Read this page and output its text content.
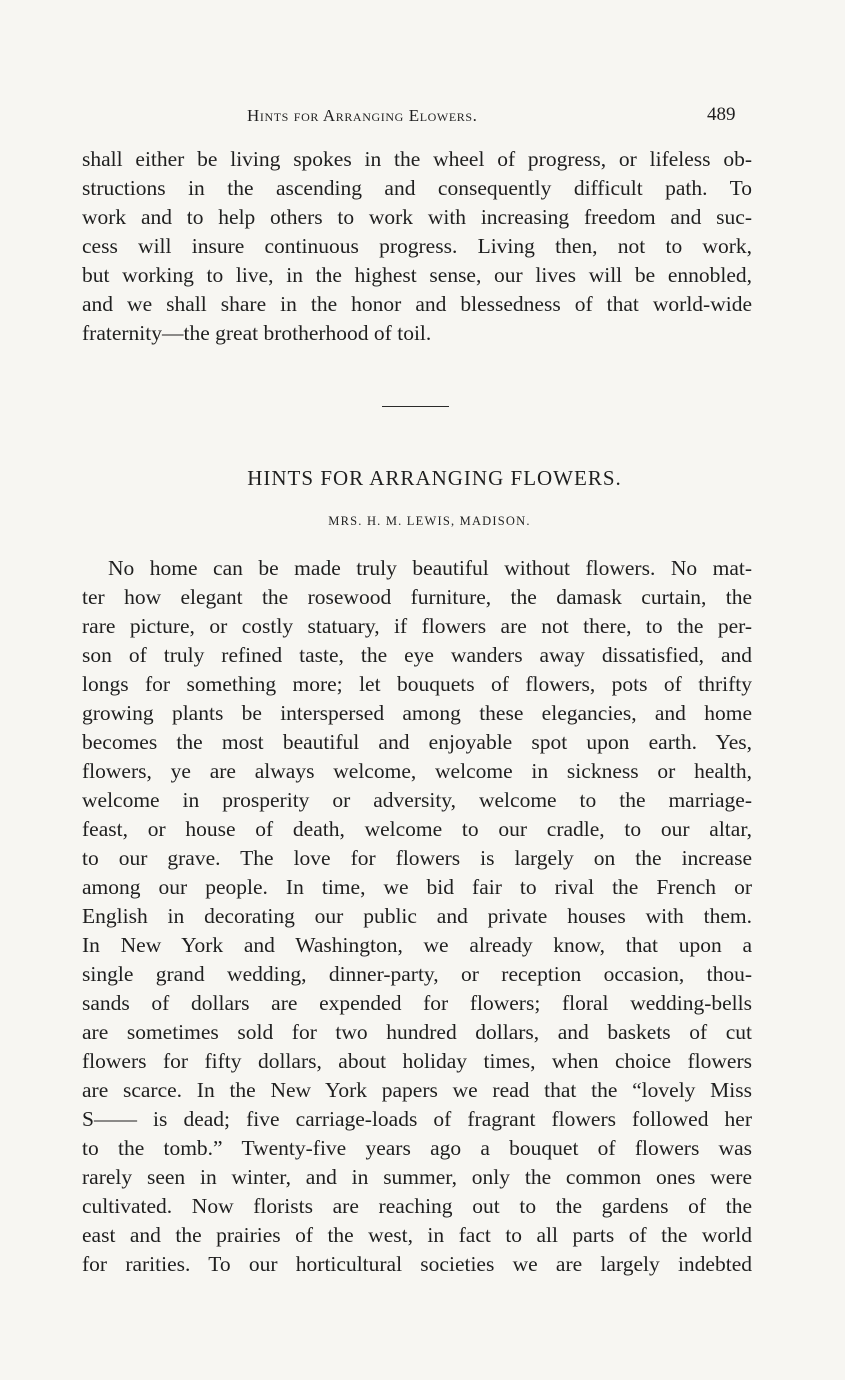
Hints for Arranging Elowers.	489
shall either be living spokes in the wheel of progress, or lifeless ob-
structions in the ascending and consequently difficult path. To
work and to help others to work with increasing freedom and suc-
cess will insure continuous progress. Living then, not to work,
but working to live, in the highest sense, our lives will be ennobled,
and we shall share in the honor and blessedness of that world-wide
fraternity—the great brotherhood of toil.
HINTS FOR ARRANGING FLOWERS.
MRS. H. M. LEWIS, MADISON.
No home can be made truly beautiful without flowers. No mat-
ter how elegant the rosewood furniture, the damask curtain, the
rare picture, or costly statuary, if flowers are not there, to the per-
son of truly refined taste, the eye wanders away dissatisfied, and
longs for something more; let bouquets of flowers, pots of thrifty
growing plants be interspersed among these elegancies, and home
becomes the most beautiful and enjoyable spot upon earth. Yes,
flowers, ye are always welcome, welcome in sickness or health,
welcome in prosperity or adversity, welcome to the marriage-
feast, or house of death, welcome to our cradle, to our altar,
to our grave. The love for flowers is largely on the increase
among our people. In time, we bid fair to rival the French or
English in decorating our public and private houses with them.
In New York and Washington, we already know, that upon a
single grand wedding, dinner-party, or reception occasion, thou-
sands of dollars are expended for flowers; floral wedding-bells
are sometimes sold for two hundred dollars, and baskets of cut
flowers for fifty dollars, about holiday times, when choice flowers
are scarce. In the New York papers we read that the “lovely Miss
S—— is dead; five carriage-loads of fragrant flowers followed her
to the tomb.” Twenty-five years ago a bouquet of flowers was
rarely seen in winter, and in summer, only the common ones were
cultivated. Now florists are reaching out to the gardens of the
east and the prairies of the west, in fact to all parts of the world
for rarities. To our horticultural societies we are largely indebted
